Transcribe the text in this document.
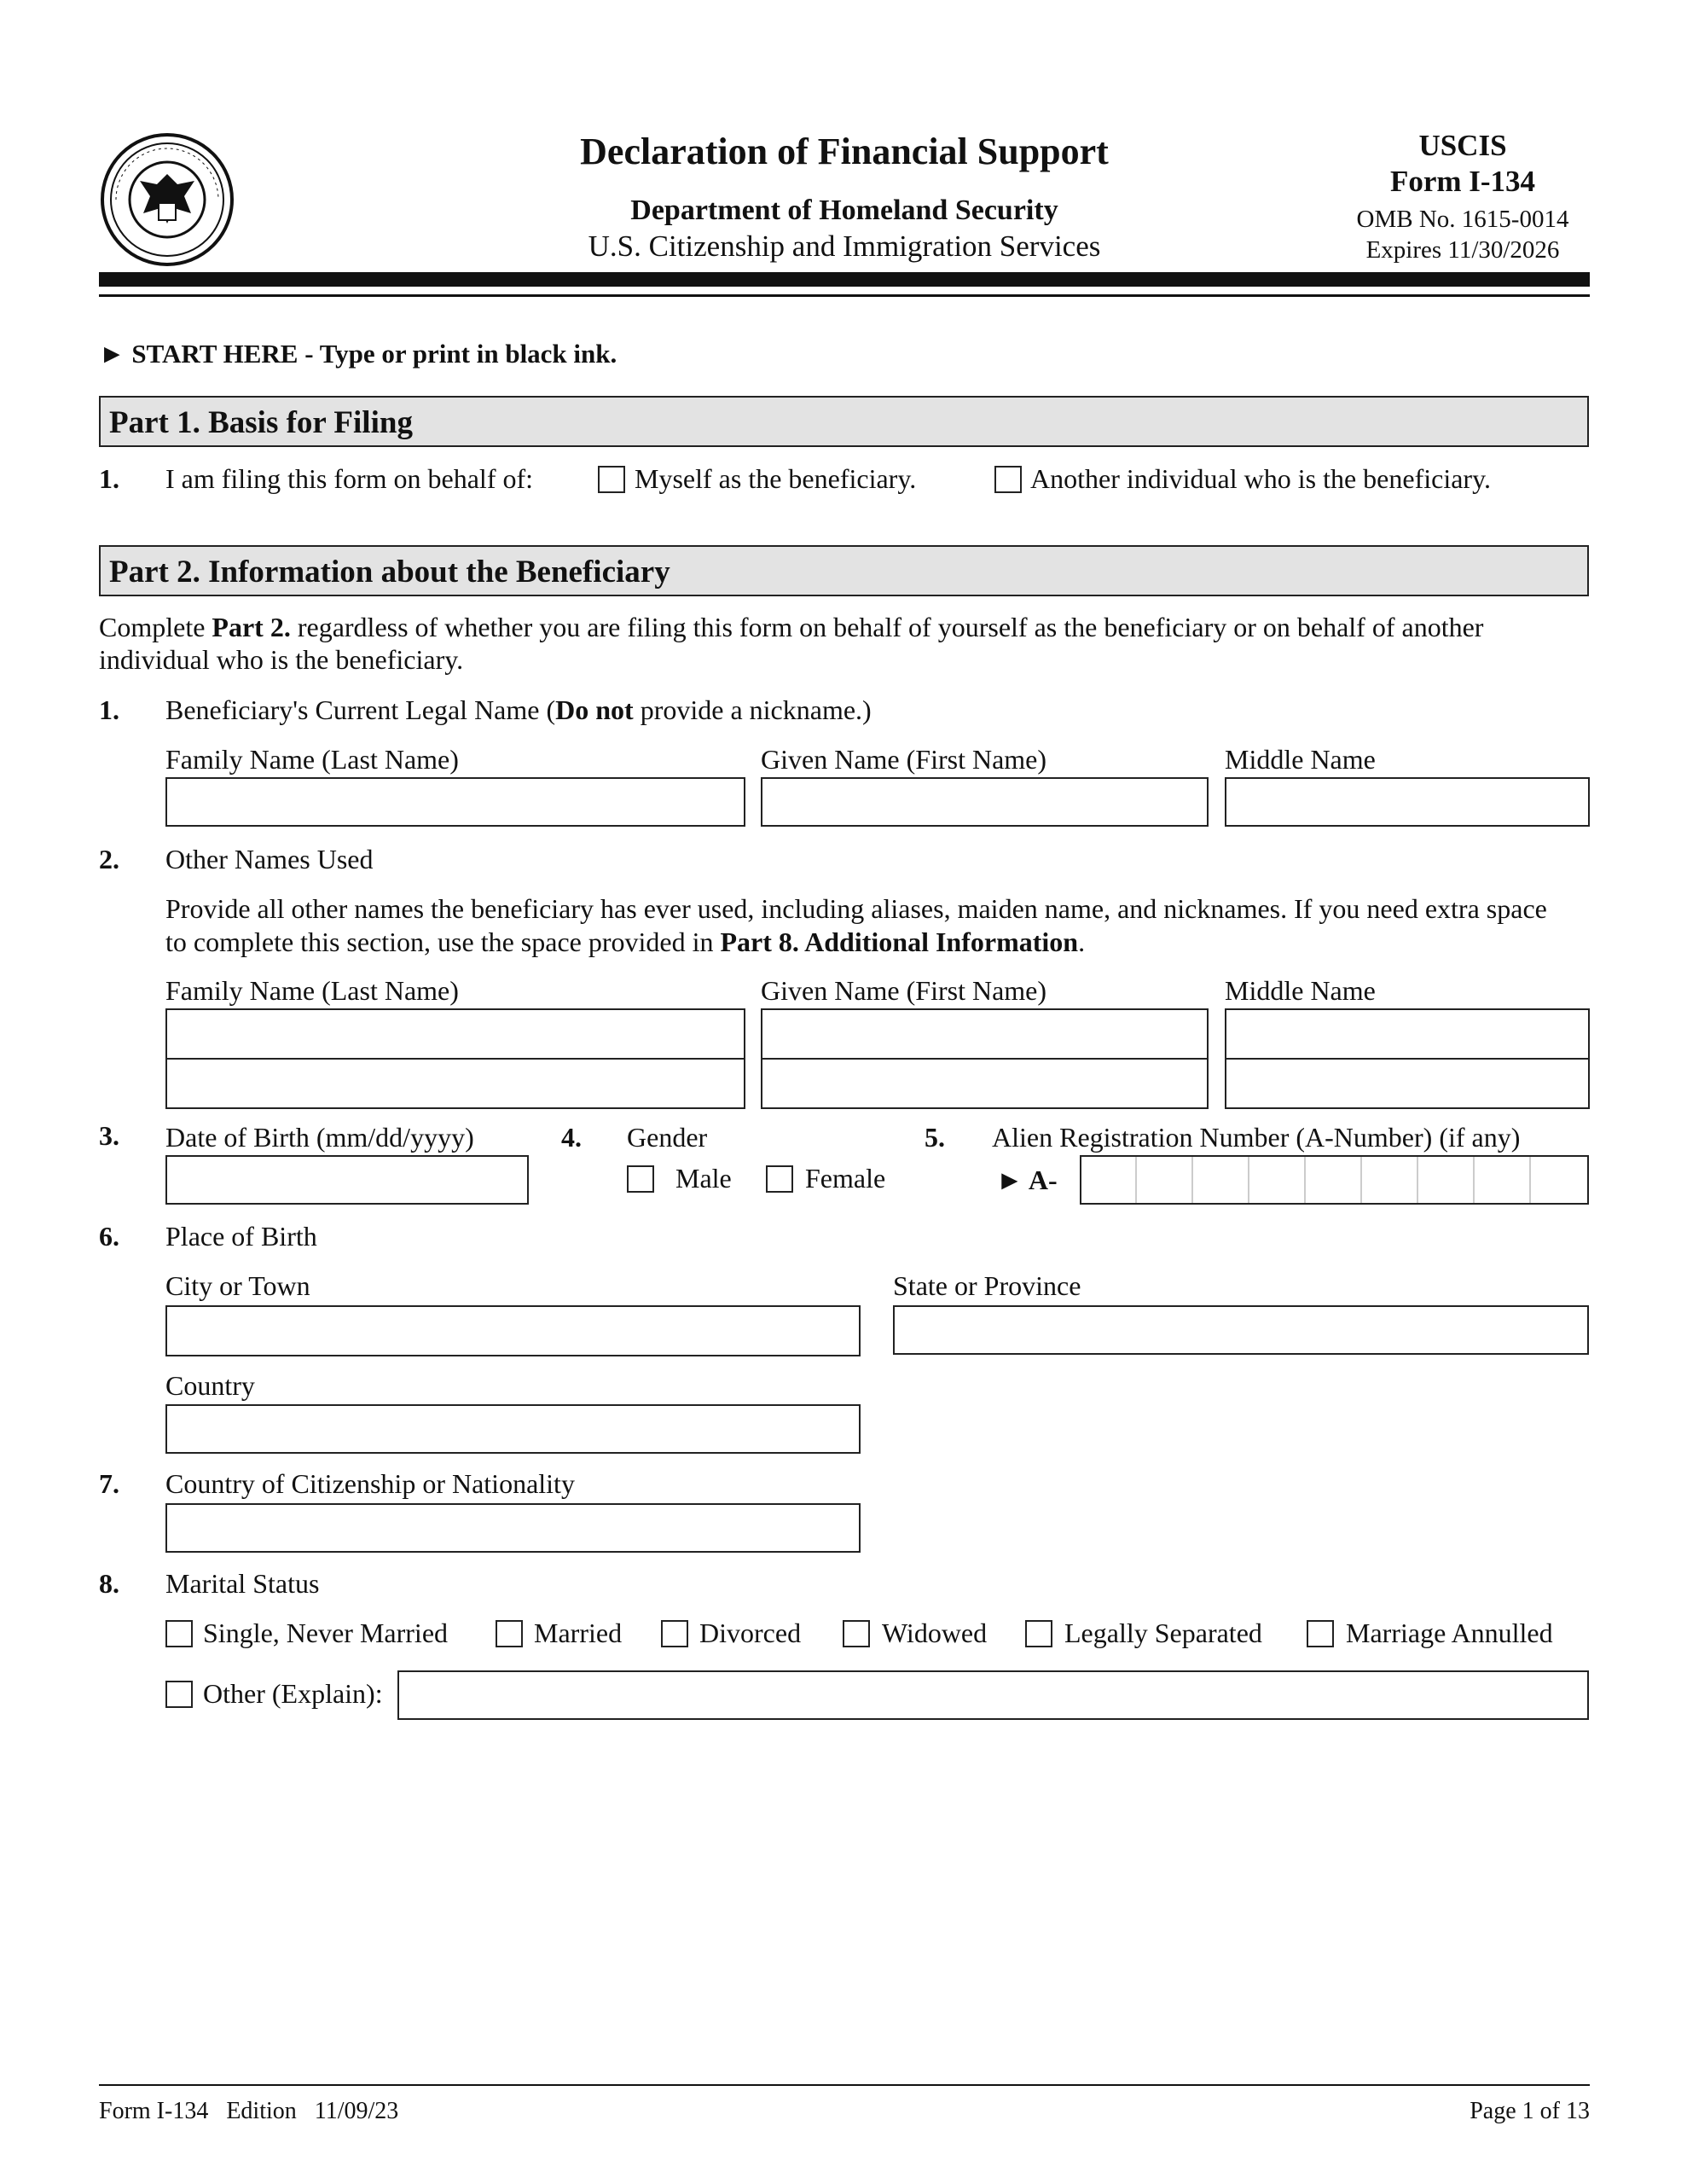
Declaration of Financial Support
Department of Homeland Security
U.S. Citizenship and Immigration Services
USCIS
Form I-134
OMB No. 1615-0014
Expires 11/30/2026
► START HERE - Type or print in black ink.
Part 1. Basis for Filing
1. I am filing this form on behalf of:	Myself as the beneficiary.	Another individual who is the beneficiary.
Part 2. Information about the Beneficiary
Complete Part 2. regardless of whether you are filing this form on behalf of yourself as the beneficiary or on behalf of another
individual who is the beneficiary.
1. Beneficiary's Current Legal Name (Do not provide a nickname.)
Family Name (Last Name)	Given Name (First Name)	Middle Name
2. Other Names Used
Provide all other names the beneficiary has ever used, including aliases, maiden name, and nicknames. If you need extra space
to complete this section, use the space provided in Part 8. Additional Information.
Family Name (Last Name)	Given Name (First Name)	Middle Name
3. Date of Birth (mm/dd/yyyy)	4. Gender
Male	Female
5. Alien Registration Number (A-Number) (if any)
► A-
6. Place of Birth
City or Town	State or Province
Country
7. Country of Citizenship or Nationality
8. Marital Status
Single, Never Married	Married	Divorced	Widowed	Legally Separated	Marriage Annulled
Other (Explain):
Form I-134   Edition   11/09/23	Page 1 of 13
